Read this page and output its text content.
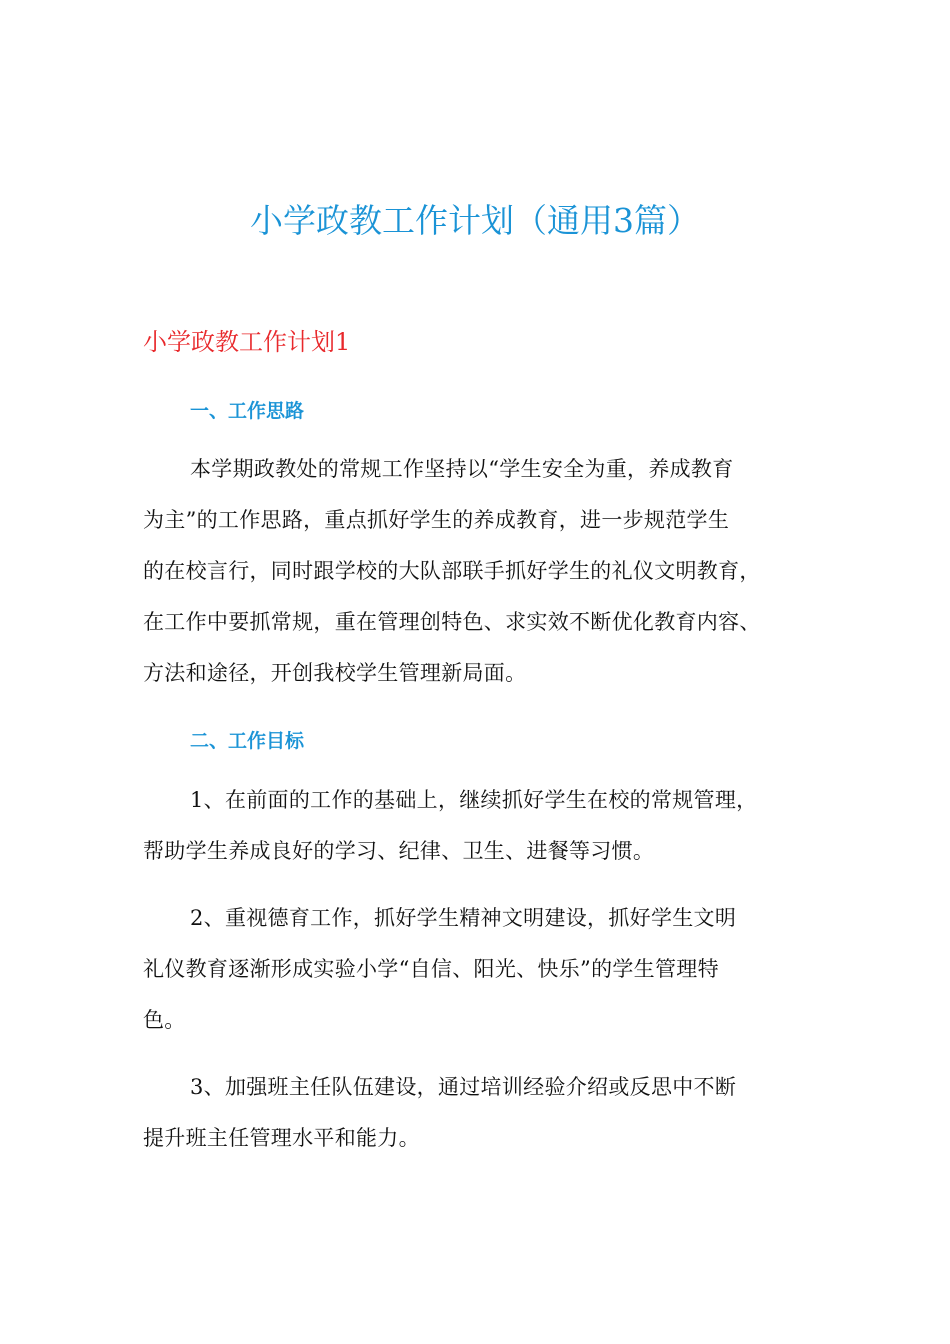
小学政教工作计划（通用3篇）
小学政教工作计划1
一、工作思路

本学期政教处的常规工作坚持以“学生安全为重，养成教育
为主”的工作思路，重点抓好学生的养成教育，进一步规范学生
的在校言行，同时跟学校的大队部联手抓好学生的礼仪文明教育，
在工作中要抓常规，重在管理创特色、求实效不断优化教育内容、
方法和途径，开创我校学生管理新局面。

二、工作目标

1、在前面的工作的基础上，继续抓好学生在校的常规管理，
帮助学生养成良好的学习、纪律、卫生、进餐等习惯。

2、重视德育工作，抓好学生精神文明建设，抓好学生文明
礼仪教育逐渐形成实验小学“自信、阳光、快乐”的学生管理特
色。

3、加强班主任队伍建设，通过培训经验介绍或反思中不断
提升班主任管理水平和能力。
